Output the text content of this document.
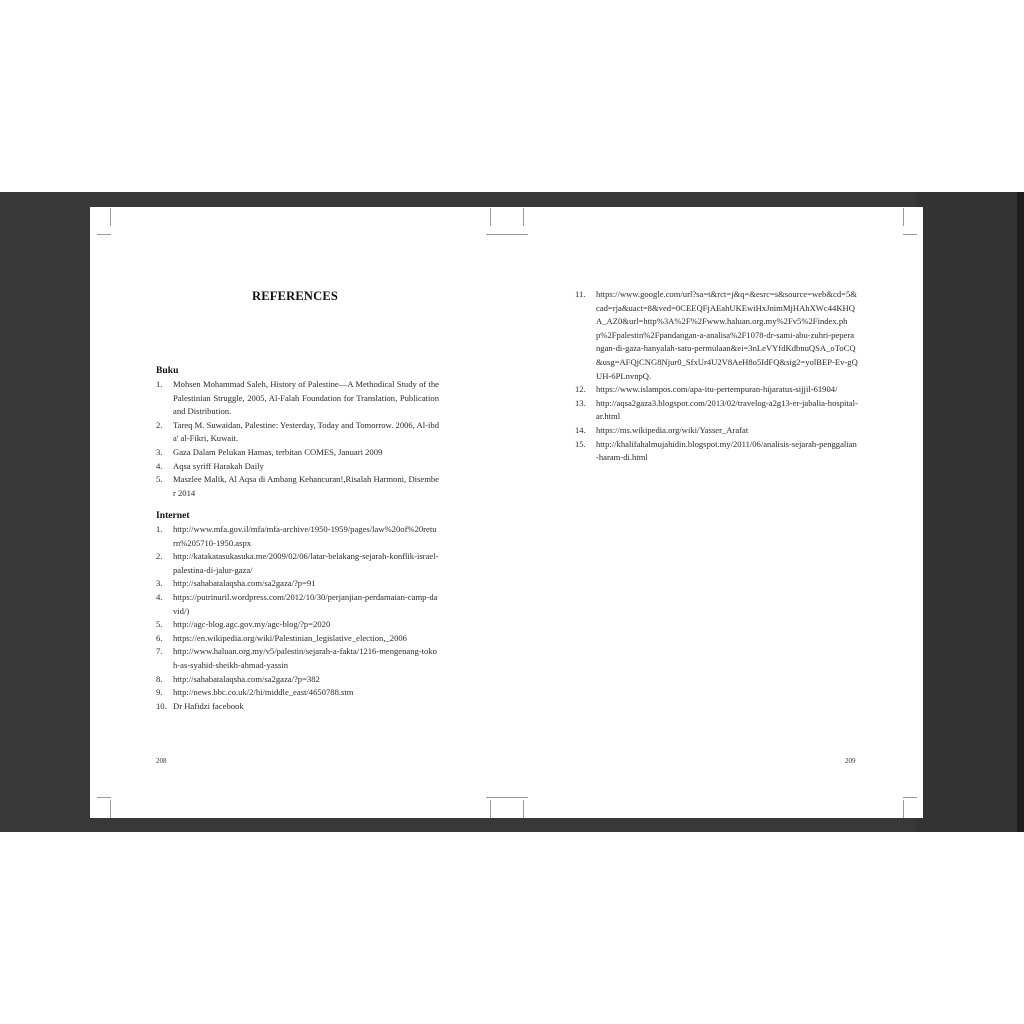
REFERENCES
Buku
1.	Mohsen Mohammad Saleh, History of Palestine—A Methodical Study of the Palestinian Struggle, 2005, Al-Falah Foundation for Translation, Publication and Distribution.
2.	Tareq M. Suwaidan, Palestine: Yesterday, Today and Tomorrow. 2006, Al-ibda' al-Fikri, Kuwait.
3.	Gaza Dalam Pelukan Hamas, terbitan COMES, Januari 2009
4.	Aqsa syriff Harakah Daily
5.	Maszlee Malik, Al Aqsa di Ambang Kehancuran!,Risalah Harmoni, Disember 2014
Internet
1.	http://www.mfa.gov.il/mfa/mfa-archive/1950-1959/pages/law%20of%20return%205710-1950.aspx
2.	http://katakatasukasuka.me/2009/02/06/latar-belakang-sejarah-konflik-israel-palestina-di-jalur-gaza/
3.	http://sahabatalaqsha.com/sa2gaza/?p=91
4.	https://putrinuril.wordpress.com/2012/10/30/perjanjian-perdamaian-camp-david/)
5.	http://agc-blog.agc.gov.my/agc-blog/?p=2020
6.	https://en.wikipedia.org/wiki/Palestinian_legislative_election,_2006
7.	http://www.haluan.org.my/v5/palestin/sejarah-a-fakta/1216-mengenang-tokoh-as-syahid-sheikh-ahmad-yassin
8.	http://sahabatalaqsha.com/sa2gaza/?p=382
9.	http://news.bbc.co.uk/2/hi/middle_east/4650788.stm
10. Dr Hafidzi facebook
208
11.	https://www.google.com/url?sa=t&rct=j&q=&esrc=s&source=web&cd=5&cad=rja&uact=8&ved=0CEEQFjAEahUKEwiHxJnimMjHAhXWc44KHQA_AZ0&url=http%3A%2F%2Fwww.haluan.org.my%2Fv5%2Findex.php%2Fpalestin%2Fpandangan-a-analisa%2F1078-dr-sami-abu-zuhri-peperangan-di-gaza-hanyalah-satu-permulaan&ei=3nLeVYfdKdbnuQSA_oToCQ&usg=AFQjCNG8Njur0_SfxUr4U2V8AeH8o5IdFQ&sig2=yolBEP-Ev-gQUH-6PLnvnpQ.
12.	https://www.islampos.com/apa-itu-pertempuran-hijaratus-sijjil-61904/
13.	http://aqsa2gaza3.blogspot.com/2013/02/travelog-a2g13-er-jabalia-hospital-ar.html
14.	https://ms.wikipedia.org/wiki/Yasser_Arafat
15.	http://khalifahalmujahidin.blogspot.my/2011/06/analisis-sejarah-penggalian-haram-di.html
209
